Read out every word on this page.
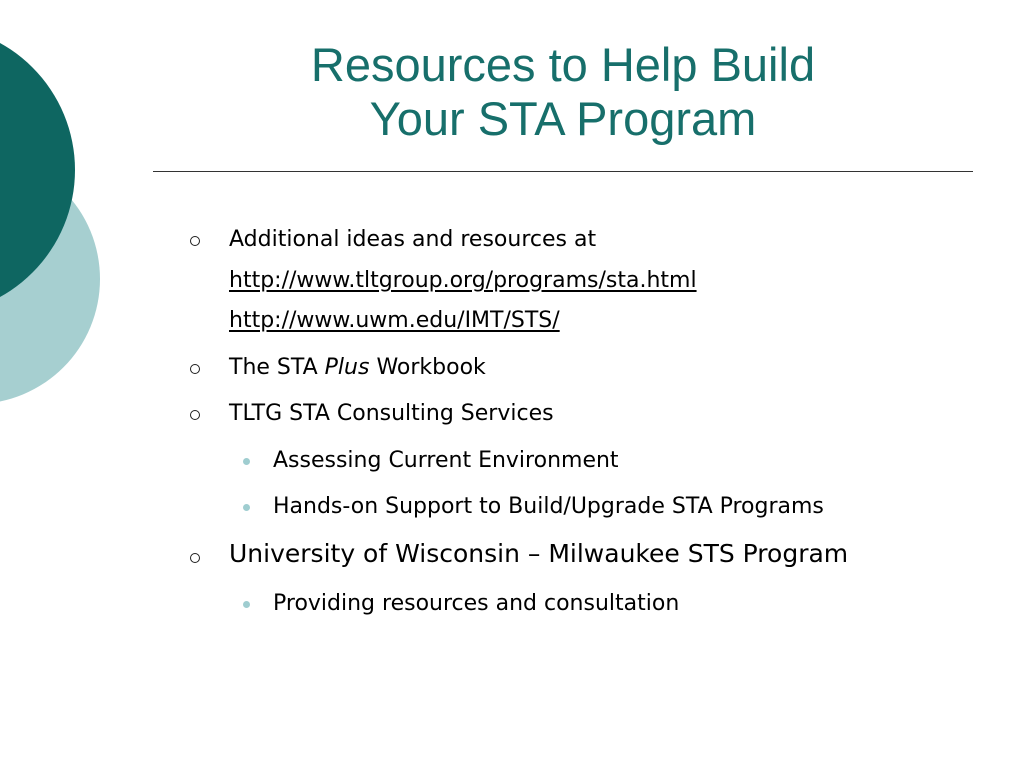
Resources to Help Build
Your STA Program
Additional ideas and resources at
http://www.tltgroup.org/programs/sta.html
http://www.uwm.edu/IMT/STS/
The STA Plus Workbook
TLTG STA Consulting Services
Assessing Current Environment
Hands-on Support to Build/Upgrade STA Programs
University of Wisconsin – Milwaukee STS Program
Providing resources and consultation
